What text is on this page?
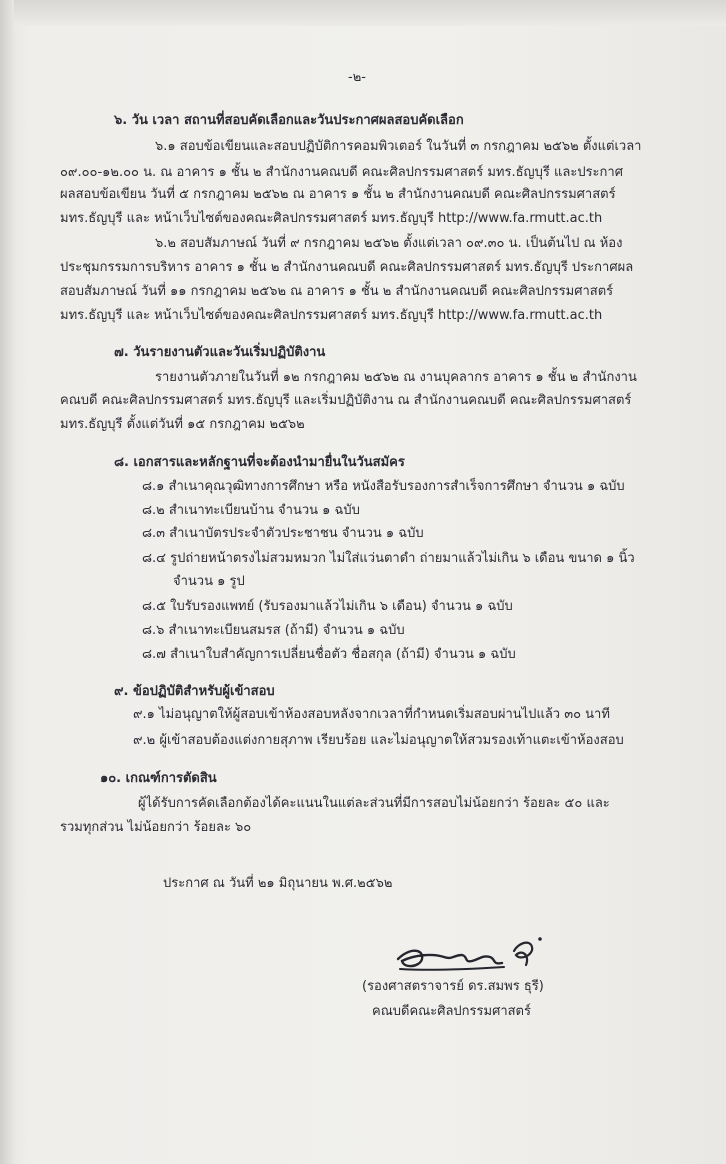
-๒-
๖. วัน เวลา สถานที่สอบคัดเลือกและวันประกาศผลสอบคัดเลือก
๖.๑ สอบข้อเขียนและสอบปฏิบัติการคอมพิวเตอร์ ในวันที่ ๓ กรกฎาคม ๒๕๖๒ ตั้งแต่เวลา
๐๙.๐๐-๑๒.๐๐ น. ณ อาคาร ๑ ชั้น ๒ สำนักงานคณบดี คณะศิลปกรรมศาสตร์ มทร.ธัญบุรี และประกาศ
ผลสอบข้อเขียน วันที่ ๕ กรกฎาคม ๒๕๖๒ ณ อาคาร ๑ ชั้น ๒ สำนักงานคณบดี คณะศิลปกรรมศาสตร์
มทร.ธัญบุรี และ หน้าเว็บไซต์ของคณะศิลปกรรมศาสตร์ มทร.ธัญบุรี http://www.fa.rmutt.ac.th
๖.๒ สอบสัมภาษณ์ วันที่ ๙ กรกฎาคม ๒๕๖๒ ตั้งแต่เวลา ๐๙.๓๐ น. เป็นต้นไป ณ ห้อง
ประชุมกรรมการบริหาร อาคาร ๑ ชั้น ๒ สำนักงานคณบดี คณะศิลปกรรมศาสตร์ มทร.ธัญบุรี ประกาศผล
สอบสัมภาษณ์ วันที่ ๑๑ กรกฎาคม ๒๕๖๒ ณ อาคาร ๑ ชั้น ๒ สำนักงานคณบดี คณะศิลปกรรมศาสตร์
มทร.ธัญบุรี และ หน้าเว็บไซต์ของคณะศิลปกรรมศาสตร์ มทร.ธัญบุรี http://www.fa.rmutt.ac.th
๗. วันรายงานตัวและวันเริ่มปฏิบัติงาน
รายงานตัวภายในวันที่ ๑๒ กรกฎาคม ๒๕๖๒ ณ งานบุคลากร อาคาร ๑ ชั้น ๒ สำนักงาน
คณบดี คณะศิลปกรรมศาสตร์ มทร.ธัญบุรี และเริ่มปฏิบัติงาน ณ สำนักงานคณบดี คณะศิลปกรรมศาสตร์
มทร.ธัญบุรี ตั้งแต่วันที่ ๑๕ กรกฎาคม ๒๕๖๒
๘. เอกสารและหลักฐานที่จะต้องนำมายื่นในวันสมัคร
๘.๑ สำเนาคุณวุฒิทางการศึกษา หรือ หนังสือรับรองการสำเร็จการศึกษา จำนวน ๑ ฉบับ
๘.๒ สำเนาทะเบียนบ้าน จำนวน ๑ ฉบับ
๘.๓ สำเนาบัตรประจำตัวประชาชน จำนวน ๑ ฉบับ
๘.๔ รูปถ่ายหน้าตรงไม่สวมหมวก ไม่ใส่แว่นตาดำ ถ่ายมาแล้วไม่เกิน ๖ เดือน ขนาด ๑ นิ้ว
จำนวน ๑ รูป
๘.๕ ใบรับรองแพทย์ (รับรองมาแล้วไม่เกิน ๖ เดือน) จำนวน ๑ ฉบับ
๘.๖ สำเนาทะเบียนสมรส (ถ้ามี) จำนวน ๑ ฉบับ
๘.๗ สำเนาใบสำคัญการเปลี่ยนชื่อตัว ชื่อสกุล (ถ้ามี) จำนวน ๑ ฉบับ
๙. ข้อปฏิบัติสำหรับผู้เข้าสอบ
๙.๑ ไม่อนุญาตให้ผู้สอบเข้าห้องสอบหลังจากเวลาที่กำหนดเริ่มสอบผ่านไปแล้ว ๓๐ นาที
๙.๒ ผู้เข้าสอบต้องแต่งกายสุภาพ เรียบร้อย และไม่อนุญาตให้สวมรองเท้าแตะเข้าห้องสอบ
๑๐. เกณฑ์การตัดสิน
ผู้ได้รับการคัดเลือกต้องได้คะแนนในแต่ละส่วนที่มีการสอบไม่น้อยกว่า ร้อยละ ๕๐ และ
รวมทุกส่วน ไม่น้อยกว่า ร้อยละ ๖๐
ประกาศ ณ วันที่ ๒๑ มิถุนายน พ.ศ.๒๕๖๒
(รองศาสตราจารย์ ดร.สมพร ธุรี)
คณบดีคณะศิลปกรรมศาสตร์
